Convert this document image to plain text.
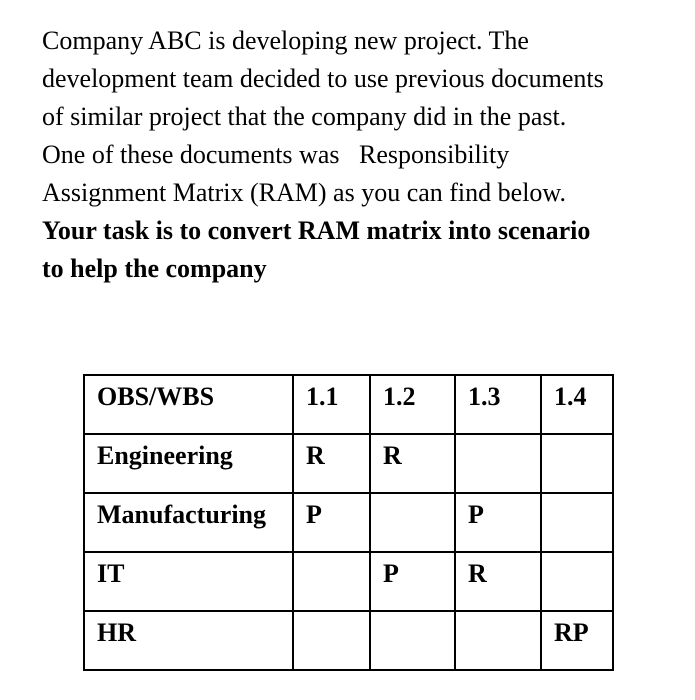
Company ABC is developing new project. The
development team decided to use previous documents
of similar project that the company did in the past.
One of these documents was   Responsibility
Assignment Matrix (RAM) as you can find below.
Your task is to convert RAM matrix into scenario
to help the company
OBS/WBS	1.1	1.2	1.3	1.4
Engineering	R	R		
Manufacturing	P		P	
IT		P	R	
HR				RP
